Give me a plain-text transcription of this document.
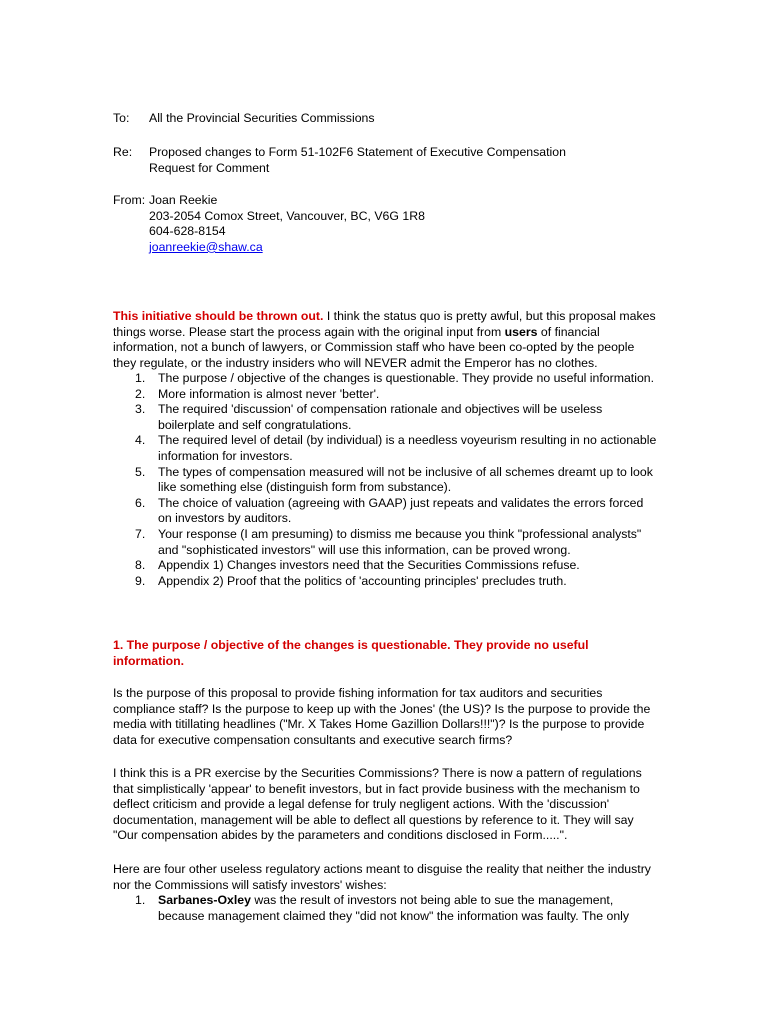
To:	All the Provincial Securities Commissions
Re:	Proposed changes to Form 51-102F6 Statement of Executive Compensation
Request for Comment
From: Joan Reekie
203-2054 Comox Street, Vancouver, BC, V6G 1R8
604-628-8154
joanreekie@shaw.ca

This initiative should be thrown out. I think the status quo is pretty awful, but this proposal makes things worse. Please start the process again with the original input from users of financial information, not a bunch of lawyers, or Commission staff who have been co-opted by the people they regulate, or the industry insiders who will NEVER admit the Emperor has no clothes.

1. The purpose / objective of the changes is questionable. They provide no useful information.
2. More information is almost never 'better'.
3. The required 'discussion' of compensation rationale and objectives will be useless boilerplate and self congratulations.
4. The required level of detail (by individual) is a needless voyeurism resulting in no actionable information for investors.
5. The types of compensation measured will not be inclusive of all schemes dreamt up to look like something else (distinguish form from substance).
6. The choice of valuation (agreeing with GAAP) just repeats and validates the errors forced on investors by auditors.
7. Your response (I am presuming) to dismiss me because you think "professional analysts" and "sophisticated investors" will use this information, can be proved wrong.
8. Appendix 1) Changes investors need that the Securities Commissions refuse.
9. Appendix 2) Proof that the politics of 'accounting principles' precludes truth.

1. The purpose / objective of the changes is questionable. They provide no useful information.

Is the purpose of this proposal to provide fishing information for tax auditors and securities compliance staff? Is the purpose to keep up with the Jones' (the US)? Is the purpose to provide the media with titillating headlines ("Mr. X Takes Home Gazillion Dollars!!!")? Is the purpose to provide data for executive compensation consultants and executive search firms?

I think this is a PR exercise by the Securities Commissions? There is now a pattern of regulations that simplistically 'appear' to benefit investors, but in fact provide business with the mechanism to deflect criticism and provide a legal defense for truly negligent actions. With the 'discussion' documentation, management will be able to deflect all questions by reference to it. They will say "Our compensation abides by the parameters and conditions disclosed in Form.....".

Here are four other useless regulatory actions meant to disguise the reality that neither the industry nor the Commissions will satisfy investors' wishes:

1. Sarbanes-Oxley was the result of investors not being able to sue the management, because management claimed they "did not know" the information was faulty. The only
